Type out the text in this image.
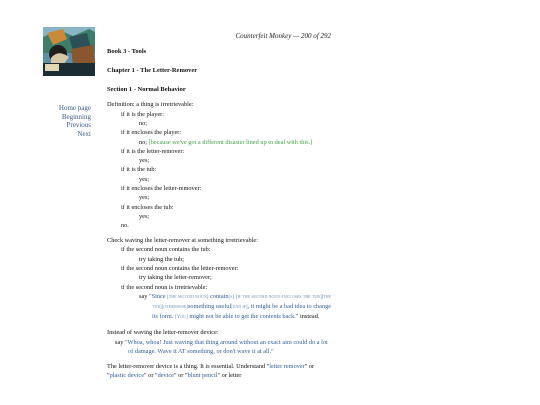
Counterfeit Monkey — 200 of 292
Home page
Beginning
Previous
Next
Book 3 - Tools
Chapter 1 - The Letter-Remover
Section 1 - Normal Behavior
Definition: a thing is irretrievable:
if it is the player:
no;
if it encloses the player:
no; [because we've got a different disaster lined up to deal with this.]
if it is the letter-remover:
yes;
if it is the tub:
yes;
if it encloses the letter-remover:
yes;
if it encloses the tub:
yes;
no.
Check waving the letter-remover at something irretrievable:
if the second noun contains the tub:
try taking the tub;
if the second noun contains the letter-remover:
try taking the letter-remover;
if the second noun is irretrievable:
say "Since [the second noun] contain[s] [if the second noun encloses the tub][the tub][otherwise]something useful[end if], it might be a bad idea to change its form. [You] might not be able to get the contents back." instead.
Instead of waving the letter-remover device:
say "Whoa, whoa! Just waving that thing around without an exact aim could do a lot of damage. Wave it AT something, or don't wave it at all."
The letter-remover device is a thing. It is essential. Understand "letter remover" or "plastic device" or "device" or "blunt pencil" or letter
